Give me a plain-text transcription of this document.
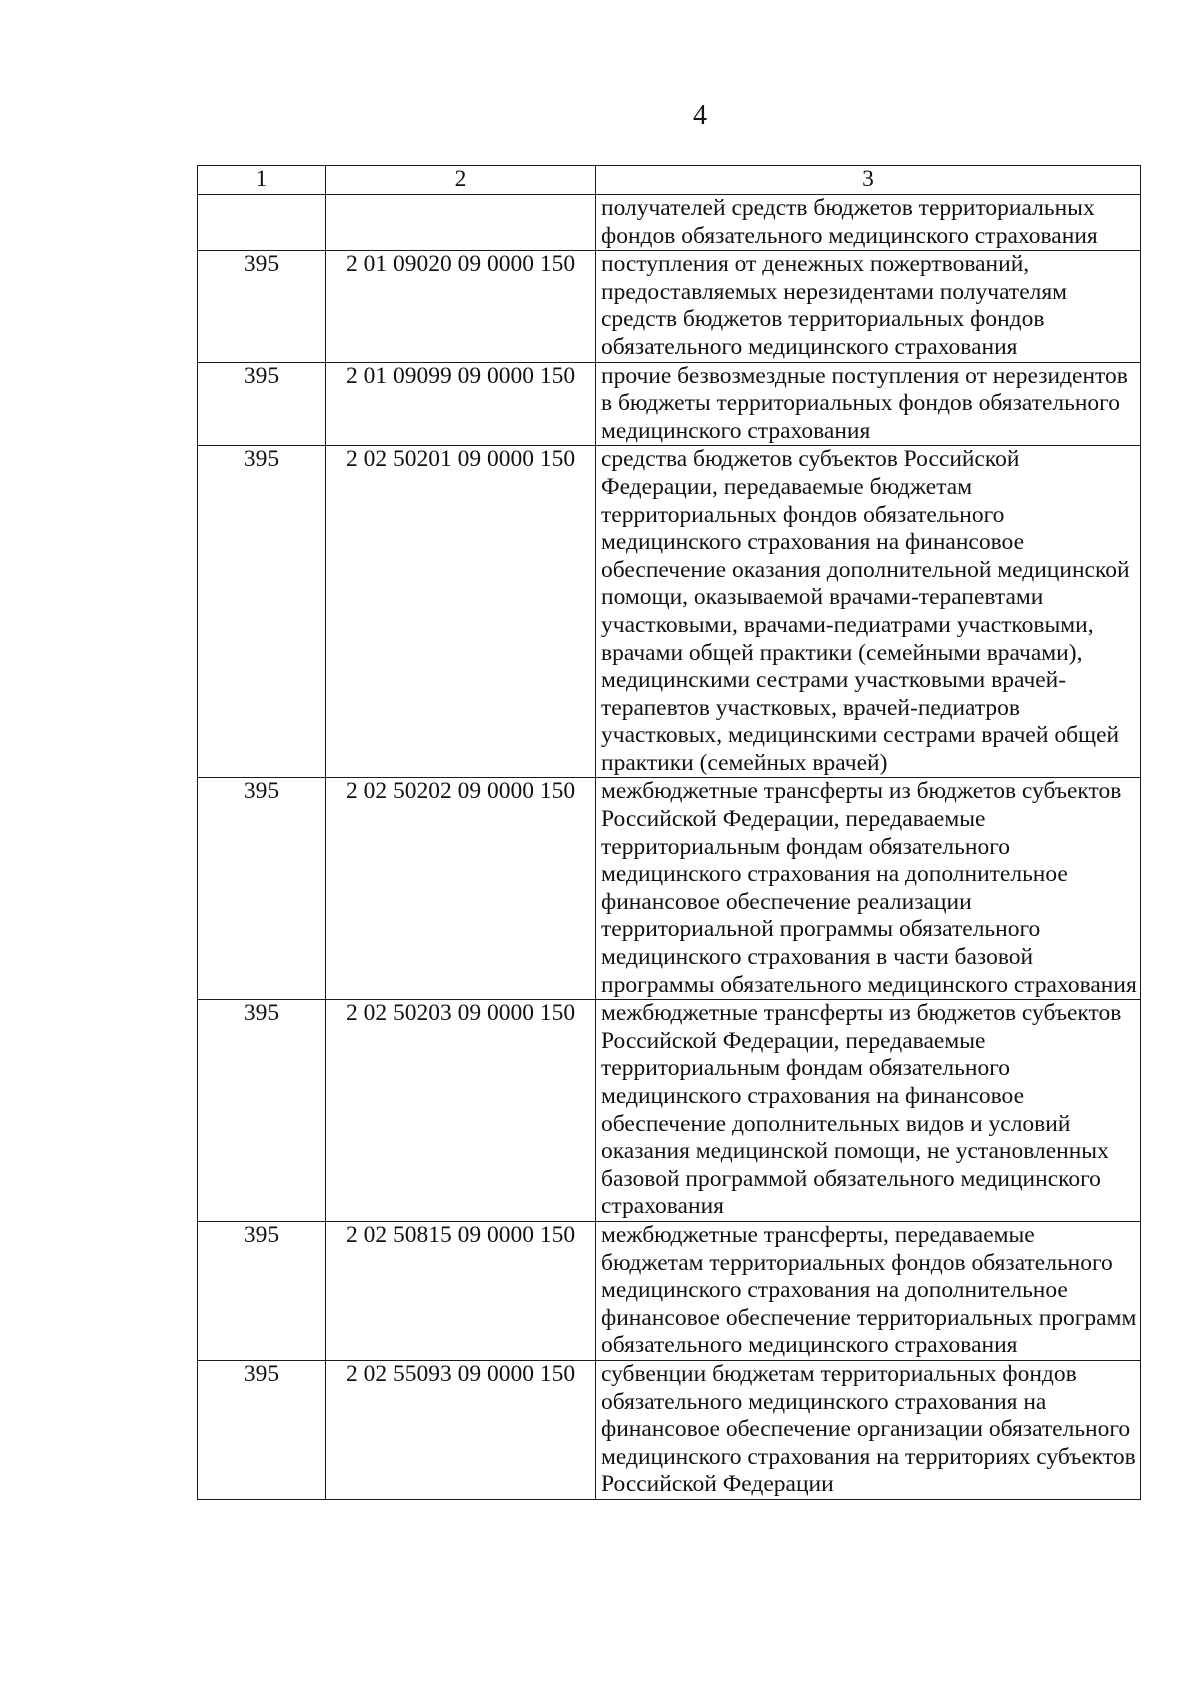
4
1	2	3
		получателей средств бюджетов территориальных фондов обязательного медицинского страхования
395	2 01 09020 09 0000 150	поступления от денежных пожертвований, предоставляемых нерезидентами получателям средств бюджетов территориальных фондов обязательного медицинского страхования
395	2 01 09099 09 0000 150	прочие безвозмездные поступления от нерезидентов в бюджеты территориальных фондов обязательного медицинского страхования
395	2 02 50201 09 0000 150	средства бюджетов субъектов Российской Федерации, передаваемые бюджетам территориальных фондов обязательного медицинского страхования на финансовое обеспечение оказания дополнительной медицинской помощи, оказываемой врачами-терапевтами участковыми, врачами-педиатрами участковыми, врачами общей практики (семейными врачами), медицинскими сестрами участковыми врачей-терапевтов участковых, врачей-педиатров участковых, медицинскими сестрами врачей общей практики (семейных врачей)
395	2 02 50202 09 0000 150	межбюджетные трансферты из бюджетов субъектов Российской Федерации, передаваемые территориальным фондам обязательного медицинского страхования на дополнительное финансовое обеспечение реализации территориальной программы обязательного медицинского страхования в части базовой программы обязательного медицинского страхования
395	2 02 50203 09 0000 150	межбюджетные трансферты из бюджетов субъектов Российской Федерации, передаваемые территориальным фондам обязательного медицинского страхования на финансовое обеспечение дополнительных видов и условий оказания медицинской помощи, не установленных базовой программой обязательного медицинского страхования
395	2 02 50815 09 0000 150	межбюджетные трансферты, передаваемые бюджетам территориальных фондов обязательного медицинского страхования на дополнительное финансовое обеспечение территориальных программ обязательного медицинского страхования
395	2 02 55093 09 0000 150	субвенции бюджетам территориальных фондов обязательного медицинского страхования на финансовое обеспечение организации обязательного медицинского страхования на территориях субъектов Российской Федерации
